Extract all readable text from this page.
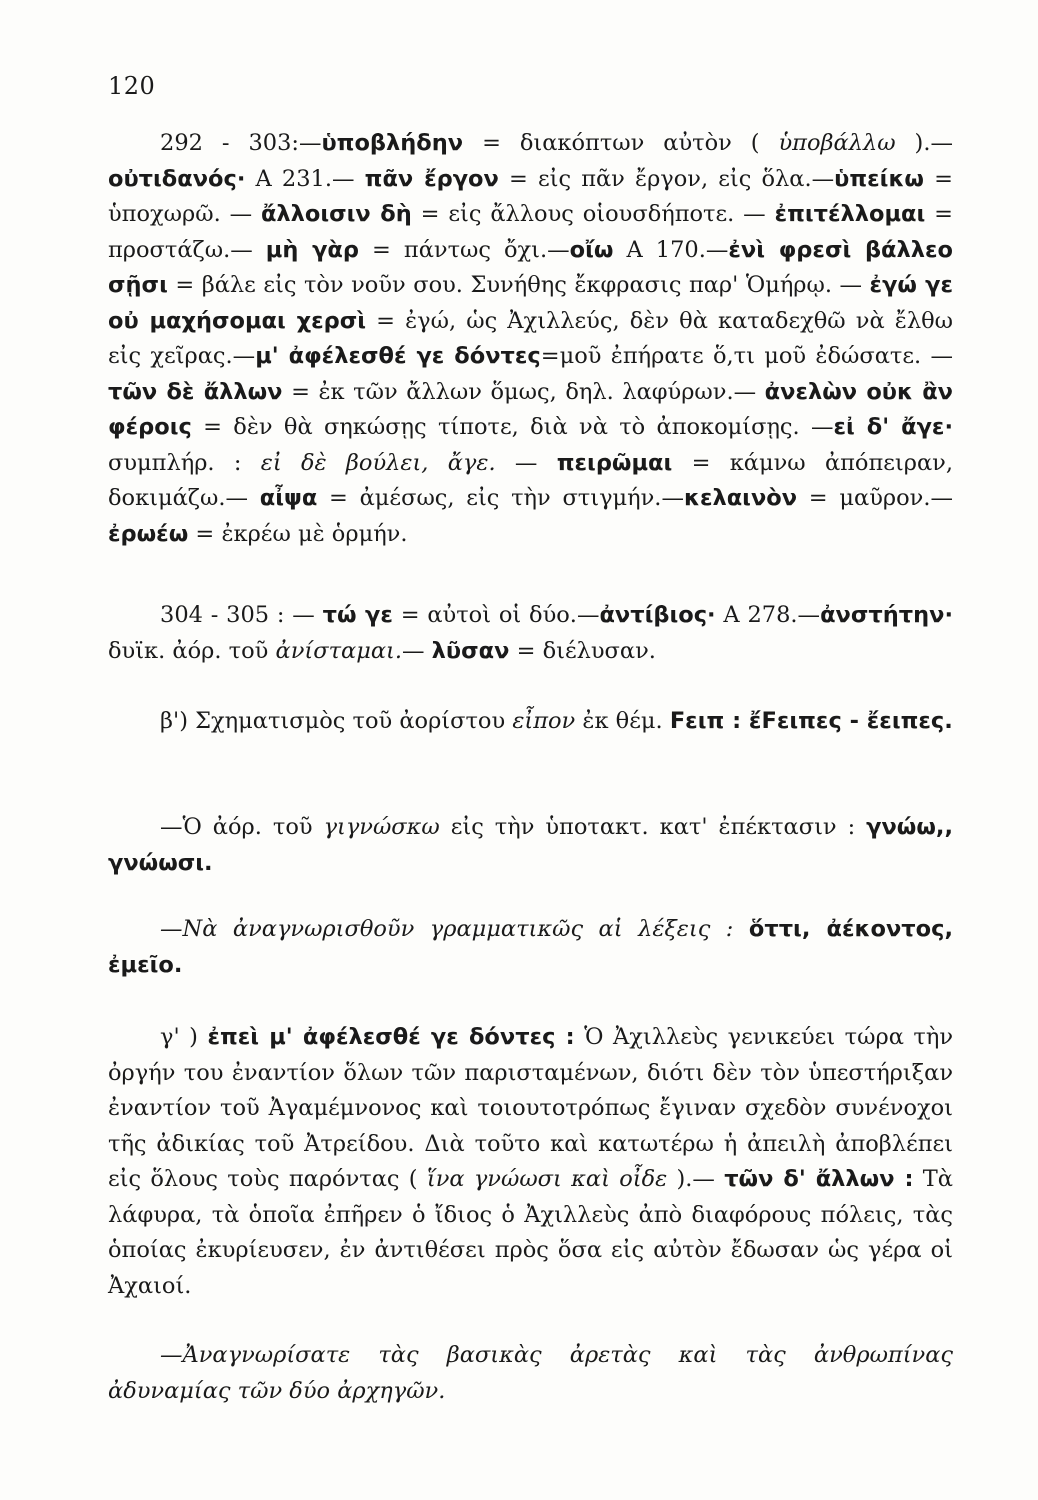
120

292 - 303:—ὑποβλήδην = διακόπτων αὐτὸν ( ὑποβάλλω ).—οὐτιδανός· Α 231.— πᾶν ἔργον = εἰς πᾶν ἔργον, εἰς ὅλα.—ὑπείκω = ὑποχωρῶ. — ἄλλοισιν δὴ = εἰς ἄλλους οἱουσδήποτε. — ἐπιτέλλομαι = προστάζω.— μὴ γὰρ = πάντως ὄχι.—οἴω Α 170.—ἐνὶ φρεσὶ βάλλεο σῇσι = βάλε εἰς τὸν νοῦν σου. Συνήθης ἔκφρασις παρ' Ὁμήρῳ. — ἐγώ γε οὐ μαχήσομαι χερσὶ = ἐγώ, ὡς Ἀχιλλεύς, δὲν θὰ καταδεχθῶ νὰ ἔλθω εἰς χεῖρας.—μ' ἀφέλεσθέ γε δόντες=μοῦ ἐπήρατε ὅ,τι μοῦ ἐδώσατε. — τῶν δὲ ἄλλων = ἐκ τῶν ἄλλων ὅμως, δηλ. λαφύρων.— ἀνελὼν οὐκ ἂν φέροις = δὲν θὰ σηκώσῃς τίποτε, διὰ νὰ τὸ ἀποκομίσῃς. —εἰ δ' ἄγε· συμπλήρ. : εἰ δὲ βούλει, ἄγε. — πειρῶμαι = κάμνω ἀπόπειραν, δοκιμάζω.— αἶψα = ἀμέσως, εἰς τὴν στιγμήν.—κελαινὸν = μαῦρον.—ἐρωέω = ἐκρέω μὲ ὁρμήν.

304 - 305 : — τώ γε = αὐτοὶ οἱ δύο.—ἀντίβιος· Α 278.—ἀνστήτην· δυϊκ. ἀόρ. τοῦ ἀνίσταμαι.— λῦσαν = διέλυσαν.

β') Σχηματισμὸς τοῦ ἀορίστου εἶπον ἐκ θέμ. Fειπ : ἔFειπες - ἔειπες.

—Ὁ ἀόρ. τοῦ γιγνώσκω εἰς τὴν ὑποτακτ. κατ' ἐπέκτασιν : γνώω,, γνώωσι.

—Νὰ ἀναγνωρισθοῦν γραμματικῶς αἱ λέξεις : ὅττι, ἀέκοντος, ἐμεῖο.

γ' ) ἐπεὶ μ' ἀφέλεσθέ γε δόντες : Ὁ Ἀχιλλεὺς γενικεύει τώρα τὴν ὀργήν του ἐναντίον ὅλων τῶν παρισταμένων, διότι δὲν τὸν ὑπεστήριξαν ἐναντίον τοῦ Ἀγαμέμνονος καὶ τοιουτοτρόπως ἔγιναν σχεδὸν συνένοχοι τῆς ἀδικίας τοῦ Ἀτρείδου. Διὰ τοῦτο καὶ κατωτέρω ἡ ἀπειλὴ ἀποβλέπει εἰς ὅλους τοὺς παρόντας ( ἵνα γνώωσι καὶ οἶδε ).— τῶν δ' ἄλλων : Τὰ λάφυρα, τὰ ὁποῖα ἐπῆρεν ὁ ἴδιος ὁ Ἀχιλλεὺς ἀπὸ διαφόρους πόλεις, τὰς ὁποίας ἐκυρίευσεν, ἐν ἀντιθέσει πρὸς ὅσα εἰς αὐτὸν ἔδωσαν ὡς γέρα οἱ Ἀχαιοί.

—Ἀναγνωρίσατε τὰς βασικὰς ἀρετὰς καὶ τὰς ἀνθρωπίνας ἀδυναμίας τῶν δύο ἀρχηγῶν.
